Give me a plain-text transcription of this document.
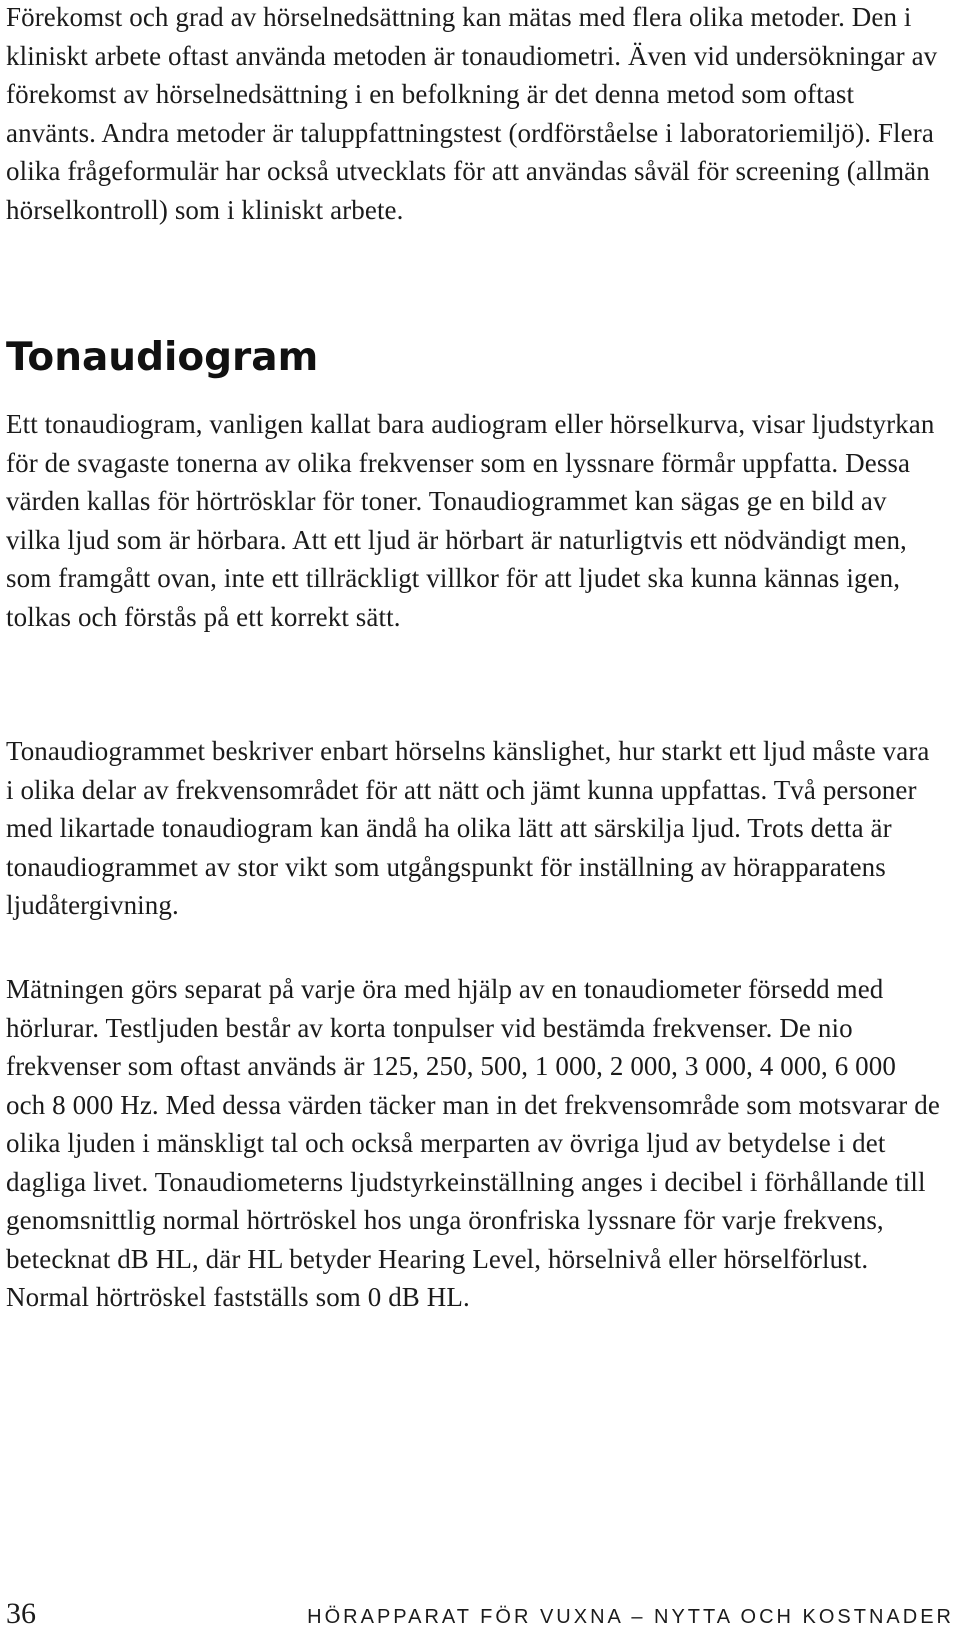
Förekomst och grad av hörselnedsättning kan mätas med flera olika metoder. Den i kliniskt arbete oftast använda metoden är tonaudiometri. Även vid undersökningar av förekomst av hörselnedsättning i en befolkning är det denna metod som oftast använts. Andra metoder är taluppfattningstest (ordförståelse i laboratoriemiljö). Flera olika frågeformulär har också utvecklats för att användas såväl för screening (allmän hörselkontroll) som i kliniskt arbete.

Tonaudiogram

Ett tonaudiogram, vanligen kallat bara audiogram eller hörselkurva, visar ljudstyrkan för de svagaste tonerna av olika frekvenser som en lyssnare förmår uppfatta. Dessa värden kallas för hörtrösklar för toner. Tonaudiogrammet kan sägas ge en bild av vilka ljud som är hörbara. Att ett ljud är hörbart är naturligtvis ett nödvändigt men, som framgått ovan, inte ett tillräckligt villkor för att ljudet ska kunna kännas igen, tolkas och förstås på ett korrekt sätt.

Tonaudiogrammet beskriver enbart hörselns känslighet, hur starkt ett ljud måste vara i olika delar av frekvensområdet för att nätt och jämt kunna uppfattas. Två personer med likartade tonaudiogram kan ändå ha olika lätt att särskilja ljud. Trots detta är tonaudiogrammet av stor vikt som utgångspunkt för inställning av hörapparatens ljudåtergivning.

Mätningen görs separat på varje öra med hjälp av en tonaudiometer försedd med hörlurar. Testljuden består av korta tonpulser vid bestämda frekvenser. De nio frekvenser som oftast används är 125, 250, 500, 1 000, 2 000, 3 000, 4 000, 6 000 och 8 000 Hz. Med dessa värden täcker man in det frekvensområde som motsvarar de olika ljuden i mänskligt tal och också merparten av övriga ljud av betydelse i det dagliga livet. Tonaudiometerns ljudstyrkeinställning anges i decibel i förhållande till genomsnittlig normal hörtröskel hos unga öronfriska lyssnare för varje frekvens, betecknat dB HL, där HL betyder Hearing Level, hörselnivå eller hörselförlust. Normal hörtröskel fastställs som 0 dB HL.

36	HÖRAPPARAT FÖR VUXNA – NYTTA OCH KOSTNADER
